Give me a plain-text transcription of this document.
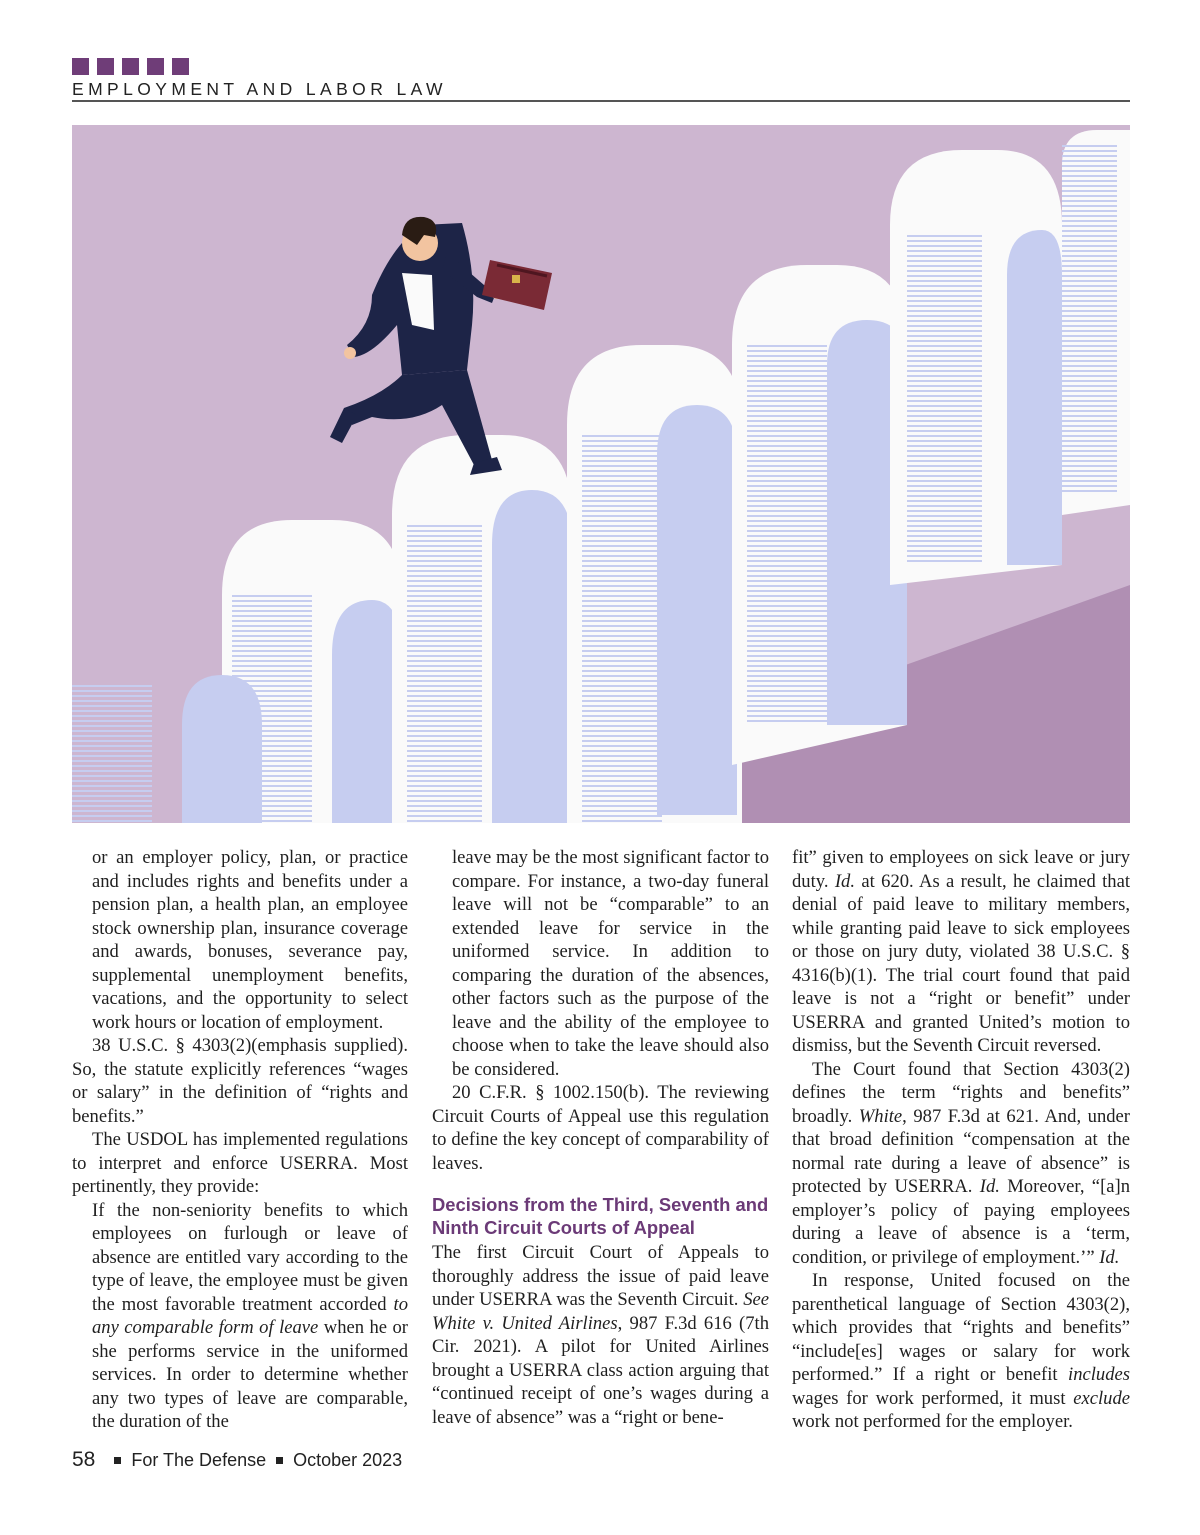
EMPLOYMENT AND LABOR LAW

or an employer policy, plan, or practice and includes rights and benefits under a pension plan, a health plan, an employee stock ownership plan, insurance coverage and awards, bonuses, severance pay, supplemental unemployment benefits, vacations, and the opportunity to select work hours or location of employment.

38 U.S.C. § 4303(2)(emphasis supplied). So, the statute explicitly references “wages or salary” in the definition of “rights and benefits.”

The USDOL has implemented regulations to interpret and enforce USERRA. Most pertinently, they provide:

If the non-seniority benefits to which employees on furlough or leave of absence are entitled vary according to the type of leave, the employee must be given the most favorable treatment accorded to any comparable form of leave when he or she performs service in the uniformed services. In order to determine whether any two types of leave are comparable, the duration of the

leave may be the most significant factor to compare. For instance, a two-day funeral leave will not be “comparable” to an extended leave for service in the uniformed service. In addition to comparing the duration of the absences, other factors such as the purpose of the leave and the ability of the employee to choose when to take the leave should also be considered.

20 C.F.R. § 1002.150(b). The reviewing Circuit Courts of Appeal use this regulation to define the key concept of comparability of leaves.

Decisions from the Third, Seventh and Ninth Circuit Courts of Appeal

The first Circuit Court of Appeals to thoroughly address the issue of paid leave under USERRA was the Seventh Circuit. See White v. United Airlines, 987 F.3d 616 (7th Cir. 2021). A pilot for United Airlines brought a USERRA class action arguing that “continued receipt of one’s wages during a leave of absence” was a “right or bene-

fit” given to employees on sick leave or jury duty. Id. at 620. As a result, he claimed that denial of paid leave to military members, while granting paid leave to sick employees or those on jury duty, violated 38 U.S.C. § 4316(b)(1). The trial court found that paid leave is not a “right or benefit” under USERRA and granted United’s motion to dismiss, but the Seventh Circuit reversed.

The Court found that Section 4303(2) defines the term “rights and benefits” broadly. White, 987 F.3d at 621. And, under that broad definition “compensation at the normal rate during a leave of absence” is protected by USERRA. Id. Moreover, “[a]n employer’s policy of paying employees during a leave of absence is a ‘term, condition, or privilege of employment.’” Id.

In response, United focused on the parenthetical language of Section 4303(2), which provides that “rights and benefits” “include[es] wages or salary for work performed.” If a right or benefit includes wages for work performed, it must exclude work not performed for the employer.

58 For The Defense October 2023
